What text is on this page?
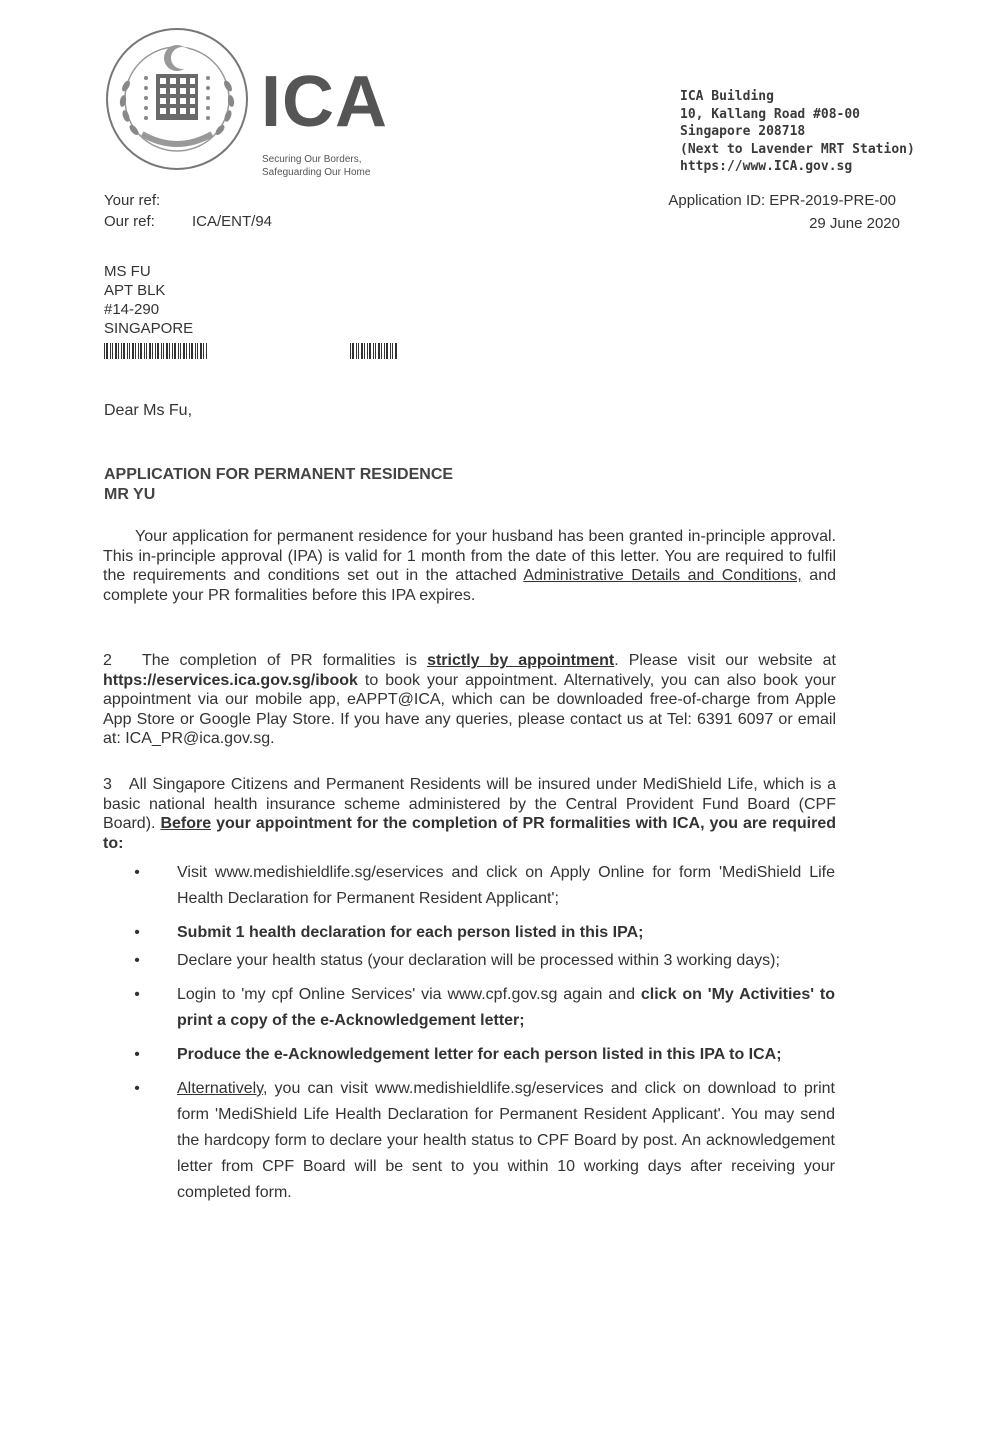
ICA
Securing Our Borders,
Safeguarding Our Home
ICA Building
10, Kallang Road #08-00
Singapore 208718
(Next to Lavender MRT Station)
https://www.ICA.gov.sg
Your ref:
Our ref:	ICA/ENT/94
Application ID: EPR-2019-PRE-00
29 June 2020
MS FU
APT BLK
#14-290
SINGAPORE
Dear Ms Fu,
APPLICATION FOR PERMANENT RESIDENCE
MR YU
Your application for permanent residence for your husband has been granted in-principle approval. This in-principle approval (IPA) is valid for 1 month from the date of this letter. You are required to fulfil the requirements and conditions set out in the attached Administrative Details and Conditions, and complete your PR formalities before this IPA expires.
2 The completion of PR formalities is strictly by appointment. Please visit our website at https://eservices.ica.gov.sg/ibook to book your appointment. Alternatively, you can also book your appointment via our mobile app, eAPPT@ICA, which can be downloaded free-of-charge from Apple App Store or Google Play Store. If you have any queries, please contact us at Tel: 6391 6097 or email at: ICA_PR@ica.gov.sg.
3 All Singapore Citizens and Permanent Residents will be insured under MediShield Life, which is a basic national health insurance scheme administered by the Central Provident Fund Board (CPF Board). Before your appointment for the completion of PR formalities with ICA, you are required to:
• Visit www.medishieldlife.sg/eservices and click on Apply Online for form 'MediShield Life Health Declaration for Permanent Resident Applicant';
• Submit 1 health declaration for each person listed in this IPA;
• Declare your health status (your declaration will be processed within 3 working days);
• Login to 'my cpf Online Services' via www.cpf.gov.sg again and click on 'My Activities' to print a copy of the e-Acknowledgement letter;
• Produce the e-Acknowledgement letter for each person listed in this IPA to ICA;
• Alternatively, you can visit www.medishieldlife.sg/eservices and click on download to print form 'MediShield Life Health Declaration for Permanent Resident Applicant'. You may send the hardcopy form to declare your health status to CPF Board by post. An acknowledgement letter from CPF Board will be sent to you within 10 working days after receiving your completed form.
